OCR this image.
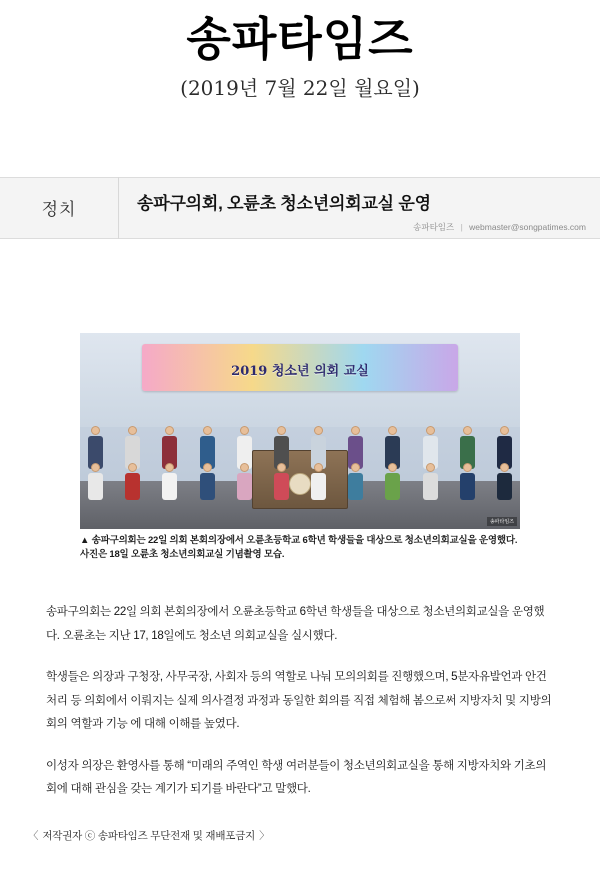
송파타임즈
(2019년 7월 22일 월요일)
정치	송파구의회, 오륜초 청소년의회교실 운영
송파타임즈 | webmaster@songpatimes.com
2019 청소년 의회 교실
송파타임즈
▲ 송파구의회는 22일 의회 본회의장에서 오륜초등학교 6학년 학생들을 대상으로 청소년의회교실을 운영했다. 사진은 18일 오륜초 청소년의회교실 기념촬영 모습.

송파구의회는 22일 의회 본회의장에서 오륜초등학교 6학년 학생들을 대상으로 청소년의회교실을 운영했다. 오륜초는 지난 17, 18일에도 청소년 의회교실을 실시했다.

학생들은 의장과 구청장, 사무국장, 사회자 등의 역할로 나눠 모의의회를 진행했으며, 5분자유발언과 안건처리 등 의회에서 이뤄지는 실제 의사결정 과정과 동일한 회의를 직접 체험해 봄으로써 지방자치 및 지방의회의 역할과 기능 에 대해 이해를 높였다.

이성자 의장은 환영사를 통해 “미래의 주역인 학생 여러분들이 청소년의회교실을 통해 지방자치와 기초의회에 대해 관심을 갖는 계기가 되기를 바란다”고 말했다.

〈 저작권자 ⓒ 송파타임즈 무단전재 및 재배포금지 〉
